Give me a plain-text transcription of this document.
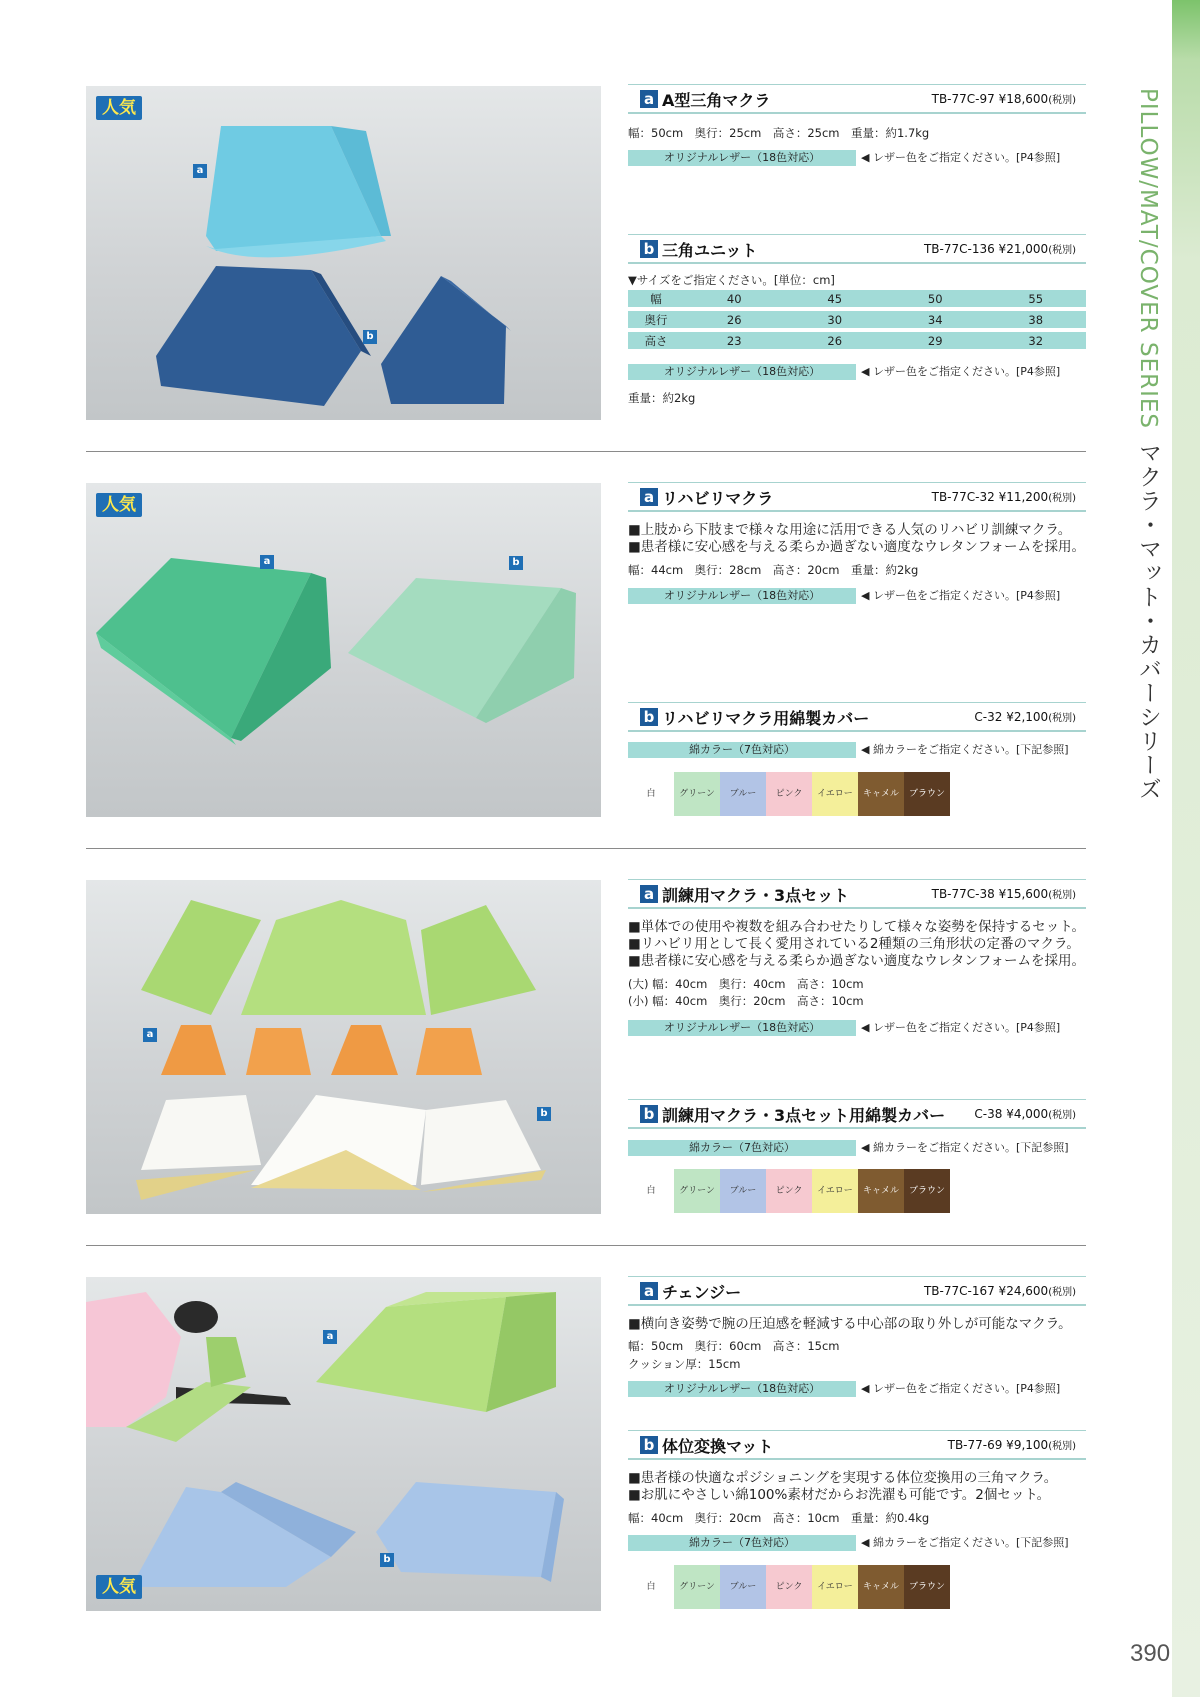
PILLOW/MAT/COVER SERIES
マクラ・マット・カバーシリーズ
390
人気
a
b
a A型三角マクラ	TB-77C-97 ¥18,600(税別)
幅：50cm　奥行：25cm　高さ：25cm　重量：約1.7kg
オリジナルレザー（18色対応）	◀ レザー色をご指定ください。[P4参照]
b 三角ユニット	TB-77C-136 ¥21,000(税別)
▼サイズをご指定ください。[単位：cm]
幅	40	45	50	55
奥行	26	30	34	38
高さ	23	26	29	32
オリジナルレザー（18色対応）	◀ レザー色をご指定ください。[P4参照]
重量：約2kg
人気
a	b
a リハビリマクラ	TB-77C-32 ¥11,200(税別)
■上肢から下肢まで様々な用途に活用できる人気のリハビリ訓練マクラ。
■患者様に安心感を与える柔らか過ぎない適度なウレタンフォームを採用。
幅：44cm　奥行：28cm　高さ：20cm　重量：約2kg
オリジナルレザー（18色対応）	◀ レザー色をご指定ください。[P4参照]
b リハビリマクラ用綿製カバー	C-32 ¥2,100(税別)
綿カラー（7色対応）	◀ 綿カラーをご指定ください。[下記参照]
白	グリーン	ブルー	ピンク	イエロー	キャメル	ブラウン
a
b
a 訓練用マクラ・3点セット	TB-77C-38 ¥15,600(税別)
■単体での使用や複数を組み合わせたりして様々な姿勢を保持するセット。
■リハビリ用として長く愛用されている2種類の三角形状の定番のマクラ。
■患者様に安心感を与える柔らか過ぎない適度なウレタンフォームを採用。
(大) 幅：40cm　奥行：40cm　高さ：10cm
(小) 幅：40cm　奥行：20cm　高さ：10cm
オリジナルレザー（18色対応）	◀ レザー色をご指定ください。[P4参照]
b 訓練用マクラ・3点セット用綿製カバー C-38 ¥4,000(税別)
綿カラー（7色対応）	◀ 綿カラーをご指定ください。[下記参照]
白	グリーン	ブルー	ピンク	イエロー	キャメル	ブラウン
a
b
人気
a チェンジー	TB-77C-167 ¥24,600(税別)
■横向き姿勢で腕の圧迫感を軽減する中心部の取り外しが可能なマクラ。
幅：50cm　奥行：60cm　高さ：15cm
クッション厚：15cm
オリジナルレザー（18色対応）	◀ レザー色をご指定ください。[P4参照]
b 体位変換マット	TB-77-69 ¥9,100(税別)
■患者様の快適なポジショニングを実現する体位変換用の三角マクラ。
■お肌にやさしい綿100%素材だからお洗濯も可能です。2個セット。
幅：40cm　奥行：20cm　高さ：10cm　重量：約0.4kg
綿カラー（7色対応）	◀ 綿カラーをご指定ください。[下記参照]
白	グリーン	ブルー	ピンク	イエロー	キャメル	ブラウン
